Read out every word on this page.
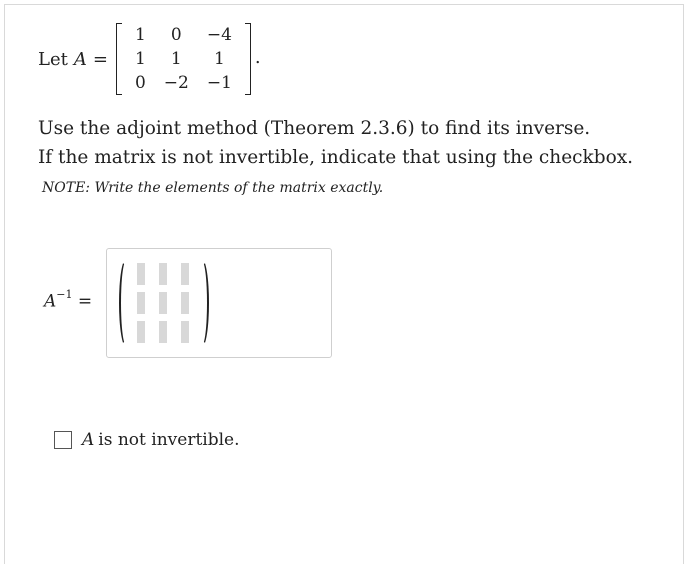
Let A =
1	0	−4
1	1	1
0	−2	−1
.
Use the adjoint method (Theorem 2.3.6) to find its inverse.
If the matrix is not invertible, indicate that using the checkbox.
NOTE: Write the elements of the matrix exactly.
$A^{-1}$ =
A is not invertible.
